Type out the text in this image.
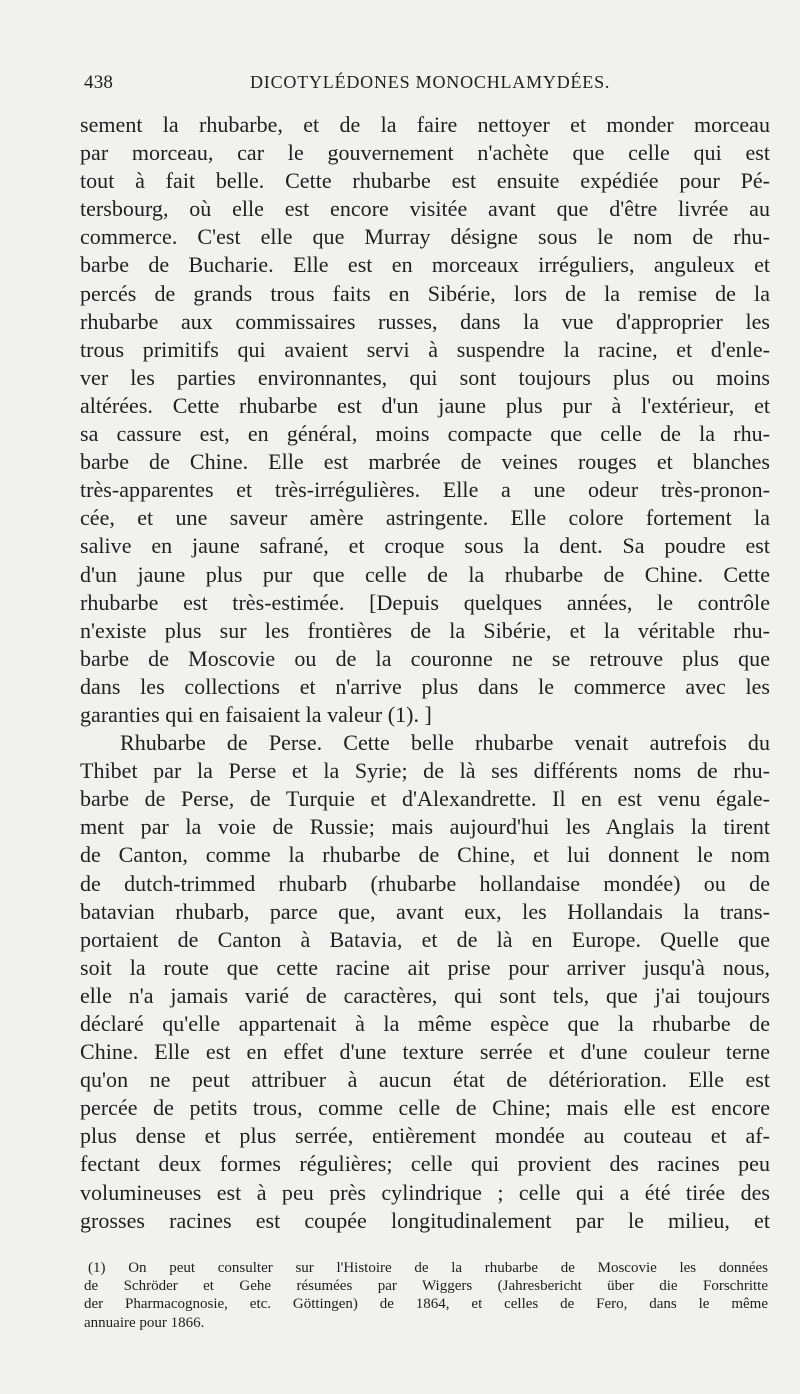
438	DICOTYLÉDONES MONOCHLAMYDÉES.
sement la rhubarbe, et de la faire nettoyer et monder morceau
par morceau, car le gouvernement n'achète que celle qui est
tout à fait belle. Cette rhubarbe est ensuite expédiée pour Pé-
tersbourg, où elle est encore visitée avant que d'être livrée au
commerce. C'est elle que Murray désigne sous le nom de rhu-
barbe de Bucharie. Elle est en morceaux irréguliers, anguleux et
percés de grands trous faits en Sibérie, lors de la remise de la
rhubarbe aux commissaires russes, dans la vue d'approprier les
trous primitifs qui avaient servi à suspendre la racine, et d'enle-
ver les parties environnantes, qui sont toujours plus ou moins
altérées. Cette rhubarbe est d'un jaune plus pur à l'extérieur, et
sa cassure est, en général, moins compacte que celle de la rhu-
barbe de Chine. Elle est marbrée de veines rouges et blanches
très-apparentes et très-irrégulières. Elle a une odeur très-pronon-
cée, et une saveur amère astringente. Elle colore fortement la
salive en jaune safrané, et croque sous la dent. Sa poudre est
d'un jaune plus pur que celle de la rhubarbe de Chine. Cette
rhubarbe est très-estimée. [Depuis quelques années, le contrôle
n'existe plus sur les frontières de la Sibérie, et la véritable rhu-
barbe de Moscovie ou de la couronne ne se retrouve plus que
dans les collections et n'arrive plus dans le commerce avec les
garanties qui en faisaient la valeur (1). ]
Rhubarbe de Perse. Cette belle rhubarbe venait autrefois du
Thibet par la Perse et la Syrie; de là ses différents noms de rhu-
barbe de Perse, de Turquie et d'Alexandrette. Il en est venu égale-
ment par la voie de Russie; mais aujourd'hui les Anglais la tirent
de Canton, comme la rhubarbe de Chine, et lui donnent le nom
de dutch-trimmed rhubarb (rhubarbe hollandaise mondée) ou de
batavian rhubarb, parce que, avant eux, les Hollandais la trans-
portaient de Canton à Batavia, et de là en Europe. Quelle que
soit la route que cette racine ait prise pour arriver jusqu'à nous,
elle n'a jamais varié de caractères, qui sont tels, que j'ai toujours
déclaré qu'elle appartenait à la même espèce que la rhubarbe de
Chine. Elle est en effet d'une texture serrée et d'une couleur terne
qu'on ne peut attribuer à aucun état de détérioration. Elle est
percée de petits trous, comme celle de Chine; mais elle est encore
plus dense et plus serrée, entièrement mondée au couteau et af-
fectant deux formes régulières; celle qui provient des racines peu
volumineuses est à peu près cylindrique ; celle qui a été tirée des
grosses racines est coupée longitudinalement par le milieu, et
(1) On peut consulter sur l'Histoire de la rhubarbe de Moscovie les données
de Schröder et Gehe résumées par Wiggers (Jahresbericht über die Forschritte
der Pharmacognosie, etc. Göttingen) de 1864, et celles de Fero, dans le même
annuaire pour 1866.
